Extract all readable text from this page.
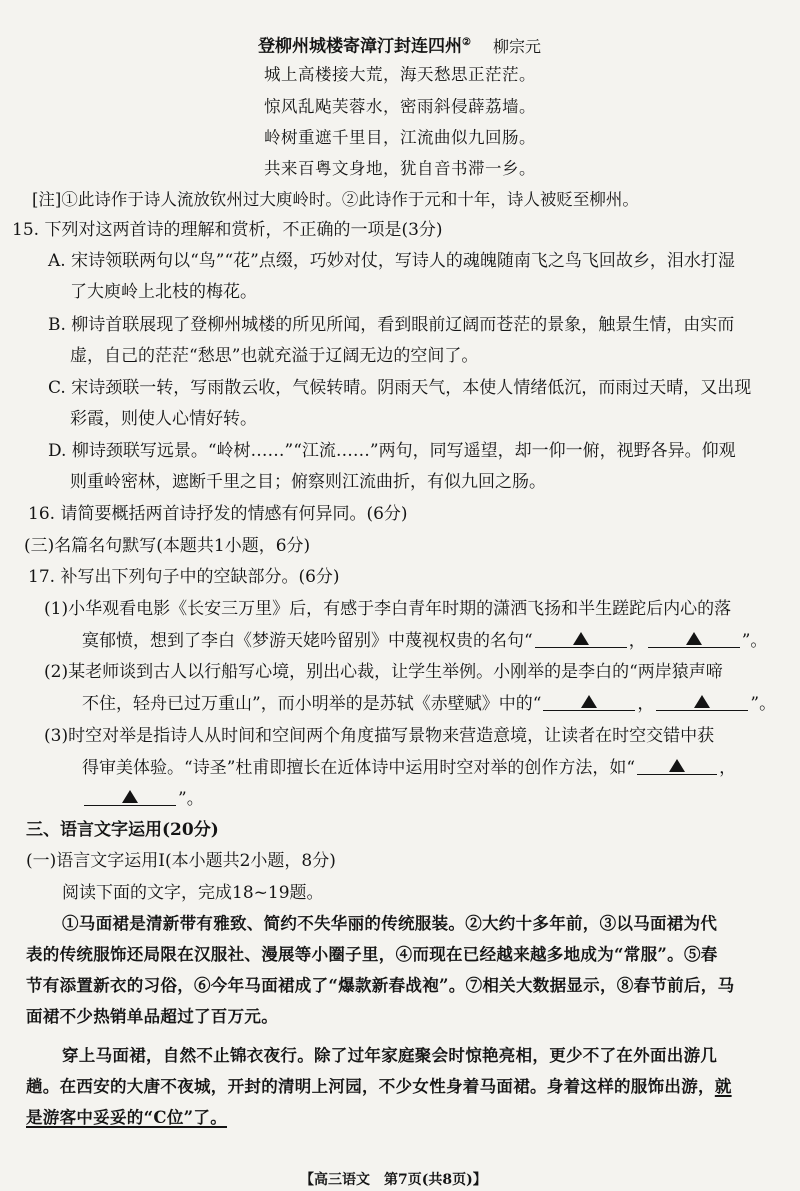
登柳州城楼寄漳汀封连四州② 柳宗元
城上高楼接大荒，海天愁思正茫茫。
惊风乱飐芙蓉水，密雨斜侵薜荔墙。
岭树重遮千里目，江流曲似九回肠。
共来百粤文身地，犹自音书滞一乡。
[注]①此诗作于诗人流放钦州过大庾岭时。②此诗作于元和十年，诗人被贬至柳州。
15. 下列对这两首诗的理解和赏析，不正确的一项是(3分)
A. 宋诗领联两句以“鸟”“花”点缀，巧妙对仗，写诗人的魂魄随南飞之鸟飞回故乡，泪水打湿
了大庾岭上北枝的梅花。
B. 柳诗首联展现了登柳州城楼的所见所闻，看到眼前辽阔而苍茫的景象，触景生情，由实而
虚，自己的茫茫“愁思”也就充溢于辽阔无边的空间了。
C. 宋诗颈联一转，写雨散云收，气候转晴。阴雨天气，本使人情绪低沉，而雨过天晴，又出现
彩霞，则使人心情好转。
D. 柳诗颈联写远景。“岭树……”“江流……”两句，同写遥望，却一仰一俯，视野各异。仰观
则重岭密林，遮断千里之目；俯察则江流曲折，有似九回之肠。
16. 请简要概括两首诗抒发的情感有何异同。(6分)
(三)名篇名句默写(本题共1小题，6分)
17. 补写出下列句子中的空缺部分。(6分)
(1)小华观看电影《长安三万里》后，有感于李白青年时期的潇洒飞扬和半生蹉跎后内心的落
寞郁愤，想到了李白《梦游天姥吟留别》中蔑视权贵的名句“	，	”。
(2)某老师谈到古人以行船写心境，别出心裁，让学生举例。小刚举的是李白的“两岸猿声啼
不住，轻舟已过万重山”，而小明举的是苏轼《赤壁赋》中的“	，	”。
(3)时空对举是指诗人从时间和空间两个角度描写景物来营造意境，让读者在时空交错中获
得审美体验。“诗圣”杜甫即擅长在近体诗中运用时空对举的创作方法，如“	，
”。
三、语言文字运用(20分)
(一)语言文字运用Ⅰ(本小题共2小题，8分)
阅读下面的文字，完成18~19题。
①马面裙是清新带有雅致、简约不失华丽的传统服装。②大约十多年前，③以马面裙为代
表的传统服饰还局限在汉服社、漫展等小圈子里，④而现在已经越来越多地成为“常服”。⑤春
节有添置新衣的习俗，⑥今年马面裙成了“爆款新春战袍”。⑦相关大数据显示，⑧春节前后，马
面裙不少热销单品超过了百万元。
穿上马面裙，自然不止锦衣夜行。除了过年家庭聚会时惊艳亮相，更少不了在外面出游几
趟。在西安的大唐不夜城，开封的清明上河园，不少女性身着马面裙。身着这样的服饰出游，就
是游客中妥妥的“C位”了。
【高三语文　第7页(共8页)】
